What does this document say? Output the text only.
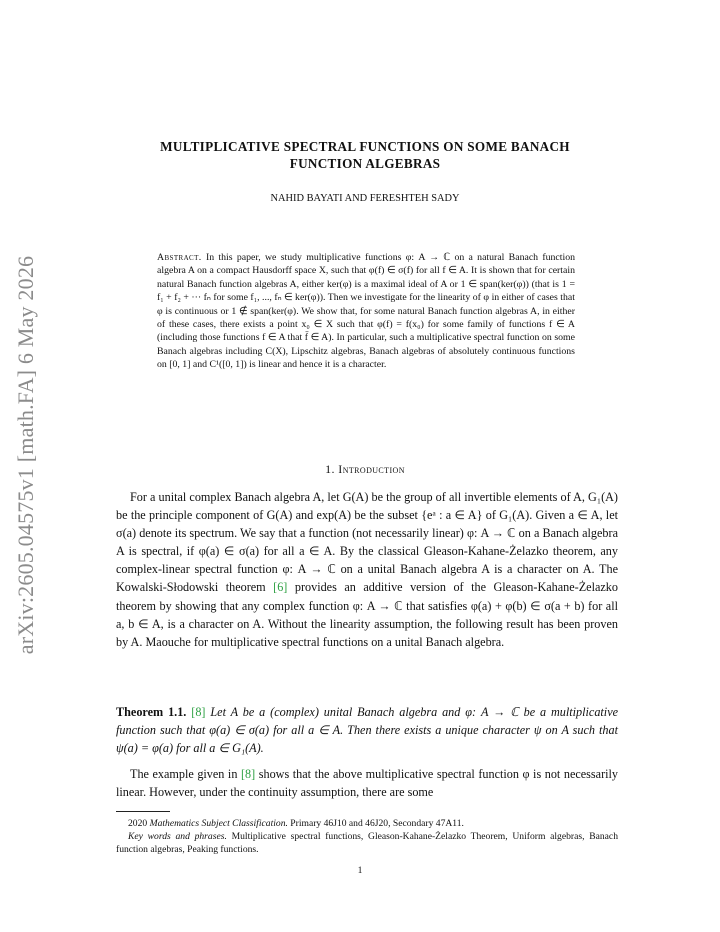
arXiv:2605.04575v1 [math.FA] 6 May 2026
MULTIPLICATIVE SPECTRAL FUNCTIONS ON SOME BANACH
FUNCTION ALGEBRAS
NAHID BAYATI AND FERESHTEH SADY
Abstract. In this paper, we study multiplicative functions φ: A → ℂ on a natural Banach function algebra A on a compact Hausdorff space X, such that φ(f) ∈ σ(f) for all f ∈ A. It is shown that for certain natural Banach function algebras A, either ker(φ) is a maximal ideal of A or 1 ∈ span(ker(φ)) (that is 1 = f₁ + f₂ + ··· fₙ for some f₁, ..., fₙ ∈ ker(φ)). Then we investigate for the linearity of φ in either of cases that φ is continuous or 1 ∉ span(ker(φ). We show that, for some natural Banach function algebras A, in either of these cases, there exists a point x₀ ∈ X such that φ(f) = f(x₀) for some family of functions f ∈ A (including those functions f ∈ A that f̄ ∈ A). In particular, such a multiplicative spectral function on some Banach algebras including C(X), Lipschitz algebras, Banach algebras of absolutely continuous functions on [0, 1] and C¹([0, 1]) is linear and hence it is a character.
1. Introduction
For a unital complex Banach algebra A, let G(A) be the group of all invertible elements of A, G₁(A) be the principle component of G(A) and exp(A) be the subset {eᵃ : a ∈ A} of G₁(A). Given a ∈ A, let σ(a) denote its spectrum. We say that a function (not necessarily linear) φ: A → ℂ on a Banach algebra A is spectral, if φ(a) ∈ σ(a) for all a ∈ A. By the classical Gleason-Kahane-Żelazko theorem, any complex-linear spectral function φ: A → ℂ on a unital Banach algebra A is a character on A. The Kowalski-Słodowski theorem [6] provides an additive version of the Gleason-Kahane-Żelazko theorem by showing that any complex function φ: A → ℂ that satisfies φ(a) + φ(b) ∈ σ(a + b) for all a, b ∈ A, is a character on A. Without the linearity assumption, the following result has been proven by A. Maouche for multiplicative spectral functions on a unital Banach algebra.
Theorem 1.1. [8] Let A be a (complex) unital Banach algebra and φ: A → ℂ be a multiplicative function such that φ(a) ∈ σ(a) for all a ∈ A. Then there exists a unique character ψ on A such that ψ(a) = φ(a) for all a ∈ G₁(A).
The example given in [8] shows that the above multiplicative spectral function φ is not necessarily linear. However, under the continuity assumption, there are some

2020 Mathematics Subject Classification. Primary 46J10 and 46J20, Secondary 47A11.

Key words and phrases. Multiplicative spectral functions, Gleason-Kahane-Żelazko Theorem, Uniform algebras, Banach function algebras, Peaking functions.

1
